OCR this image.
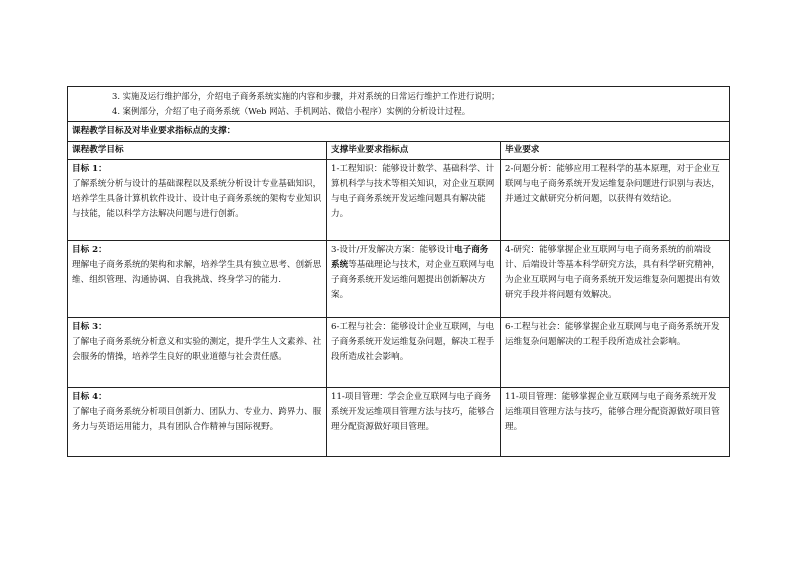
3. 实施及运行维护部分，介绍电子商务系统实施的内容和步骤，并对系统的日常运行维护工作进行说明；
4. 案例部分，介绍了电子商务系统（Web 网站、手机网站、微信小程序）实例的分析设计过程。		

课程教学目标及对毕业要求指标点的支撑：		
课程教学目标	支撑毕业要求指标点	毕业要求

目标 1：
了解系统分析与设计的基础课程以及系统分析设计专业基础知识，培养学生具备计算机软件设计、设计电子商务系统的架构专业知识与技能，能以科学方法解决问题与进行创新。	1-工程知识：能够设计数学、基础科学、计算机科学与技术等相关知识，对企业互联网与电子商务系统开发运维问题具有解决能力。	2-问题分析：能够应用工程科学的基本原理，对于企业互联网与电子商务系统开发运维复杂问题进行识别与表达，并通过文献研究分析问题，以获得有效结论。

目标 2：
理解电子商务系统的架构和求解，培养学生具有独立思考、创新思维、组织管理、沟通协调、自我挑战、终身学习的能力.	3-设计/开发解决方案：能够设计电子商务系统等基础理论与技术，对企业互联网与电子商务系统开发运维问题提出创新解决方案。	4-研究：能够掌握企业互联网与电子商务系统的前端设计、后端设计等基本科学研究方法，具有科学研究精神，为企业互联网与电子商务系统开发运维复杂问题提出有效研究手段并将问题有效解决。

目标 3：
了解电子商务系统分析意义和实验的测定，提升学生人文素养、社会服务的情操，培养学生良好的职业道德与社会责任感。	6-工程与社会：能够设计企业互联网，与电子商务系统开发运维复杂问题，解决工程手段所造成社会影响。	6-工程与社会：能够掌握企业互联网与电子商务系统开发运维复杂问题解决的工程手段所造成社会影响。

目标 4：
了解电子商务系统分析项目创新力、团队力、专业力、跨界力、服务力与英语运用能力，具有团队合作精神与国际视野。	11-项目管理：学会企业互联网与电子商务系统开发运维项目管理方法与技巧，能够合理分配资源做好项目管理。	11-项目管理：能够掌握企业互联网与电子商务系统开发运维项目管理方法与技巧，能够合理分配资源做好项目管理。
